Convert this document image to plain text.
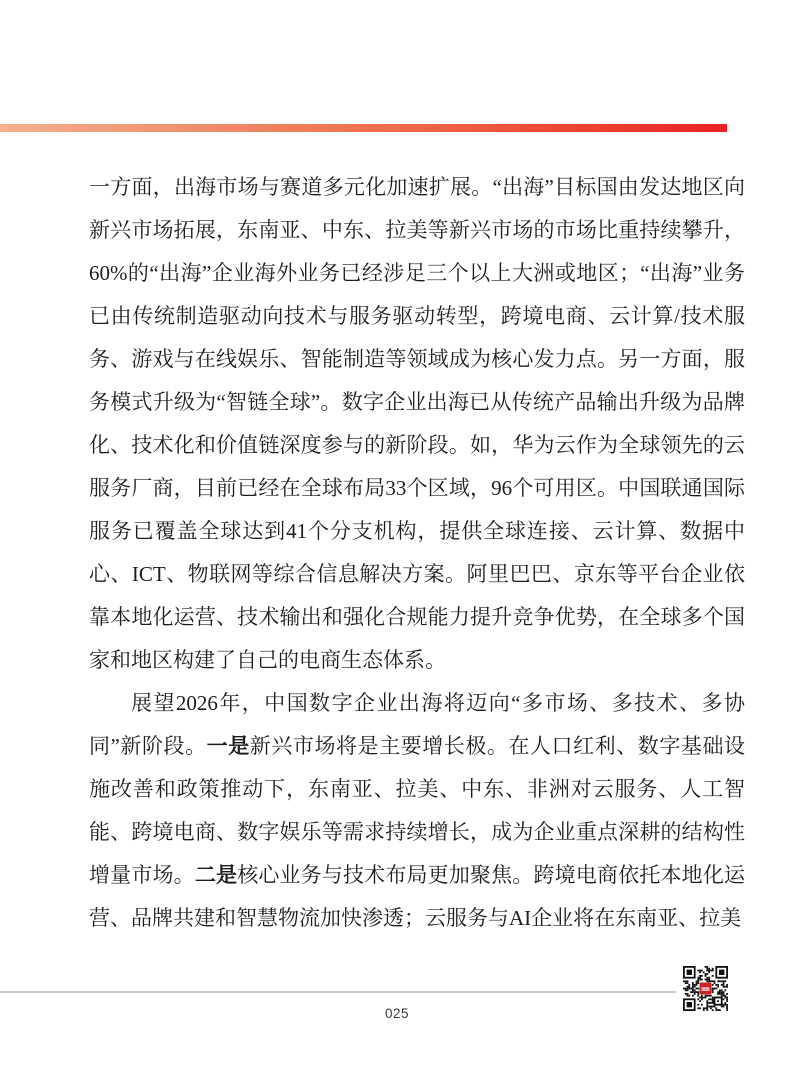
一方面，出海市场与赛道多元化加速扩展。“出海”目标国由发达地区向新兴市场拓展，东南亚、中东、拉美等新兴市场的市场比重持续攀升，60%的“出海”企业海外业务已经涉足三个以上大洲或地区；“出海”业务已由传统制造驱动向技术与服务驱动转型，跨境电商、云计算/技术服务、游戏与在线娱乐、智能制造等领域成为核心发力点。另一方面，服务模式升级为“智链全球”。数字企业出海已从传统产品输出升级为品牌化、技术化和价值链深度参与的新阶段。如，华为云作为全球领先的云服务厂商，目前已经在全球布局33个区域，96个可用区。中国联通国际服务已覆盖全球达到41个分支机构，提供全球连接、云计算、数据中心、ICT、物联网等综合信息解决方案。阿里巴巴、京东等平台企业依靠本地化运营、技术输出和强化合规能力提升竞争优势，在全球多个国家和地区构建了自己的电商生态体系。

展望2026年，中国数字企业出海将迈向“多市场、多技术、多协同”新阶段。一是新兴市场将是主要增长极。在人口红利、数字基础设施改善和政策推动下，东南亚、拉美、中东、非洲对云服务、人工智能、跨境电商、数字娱乐等需求持续增长，成为企业重点深耕的结构性增量市场。二是核心业务与技术布局更加聚焦。跨境电商依托本地化运营、品牌共建和智慧物流加快渗透；云服务与AI企业将在东南亚、拉美

025
